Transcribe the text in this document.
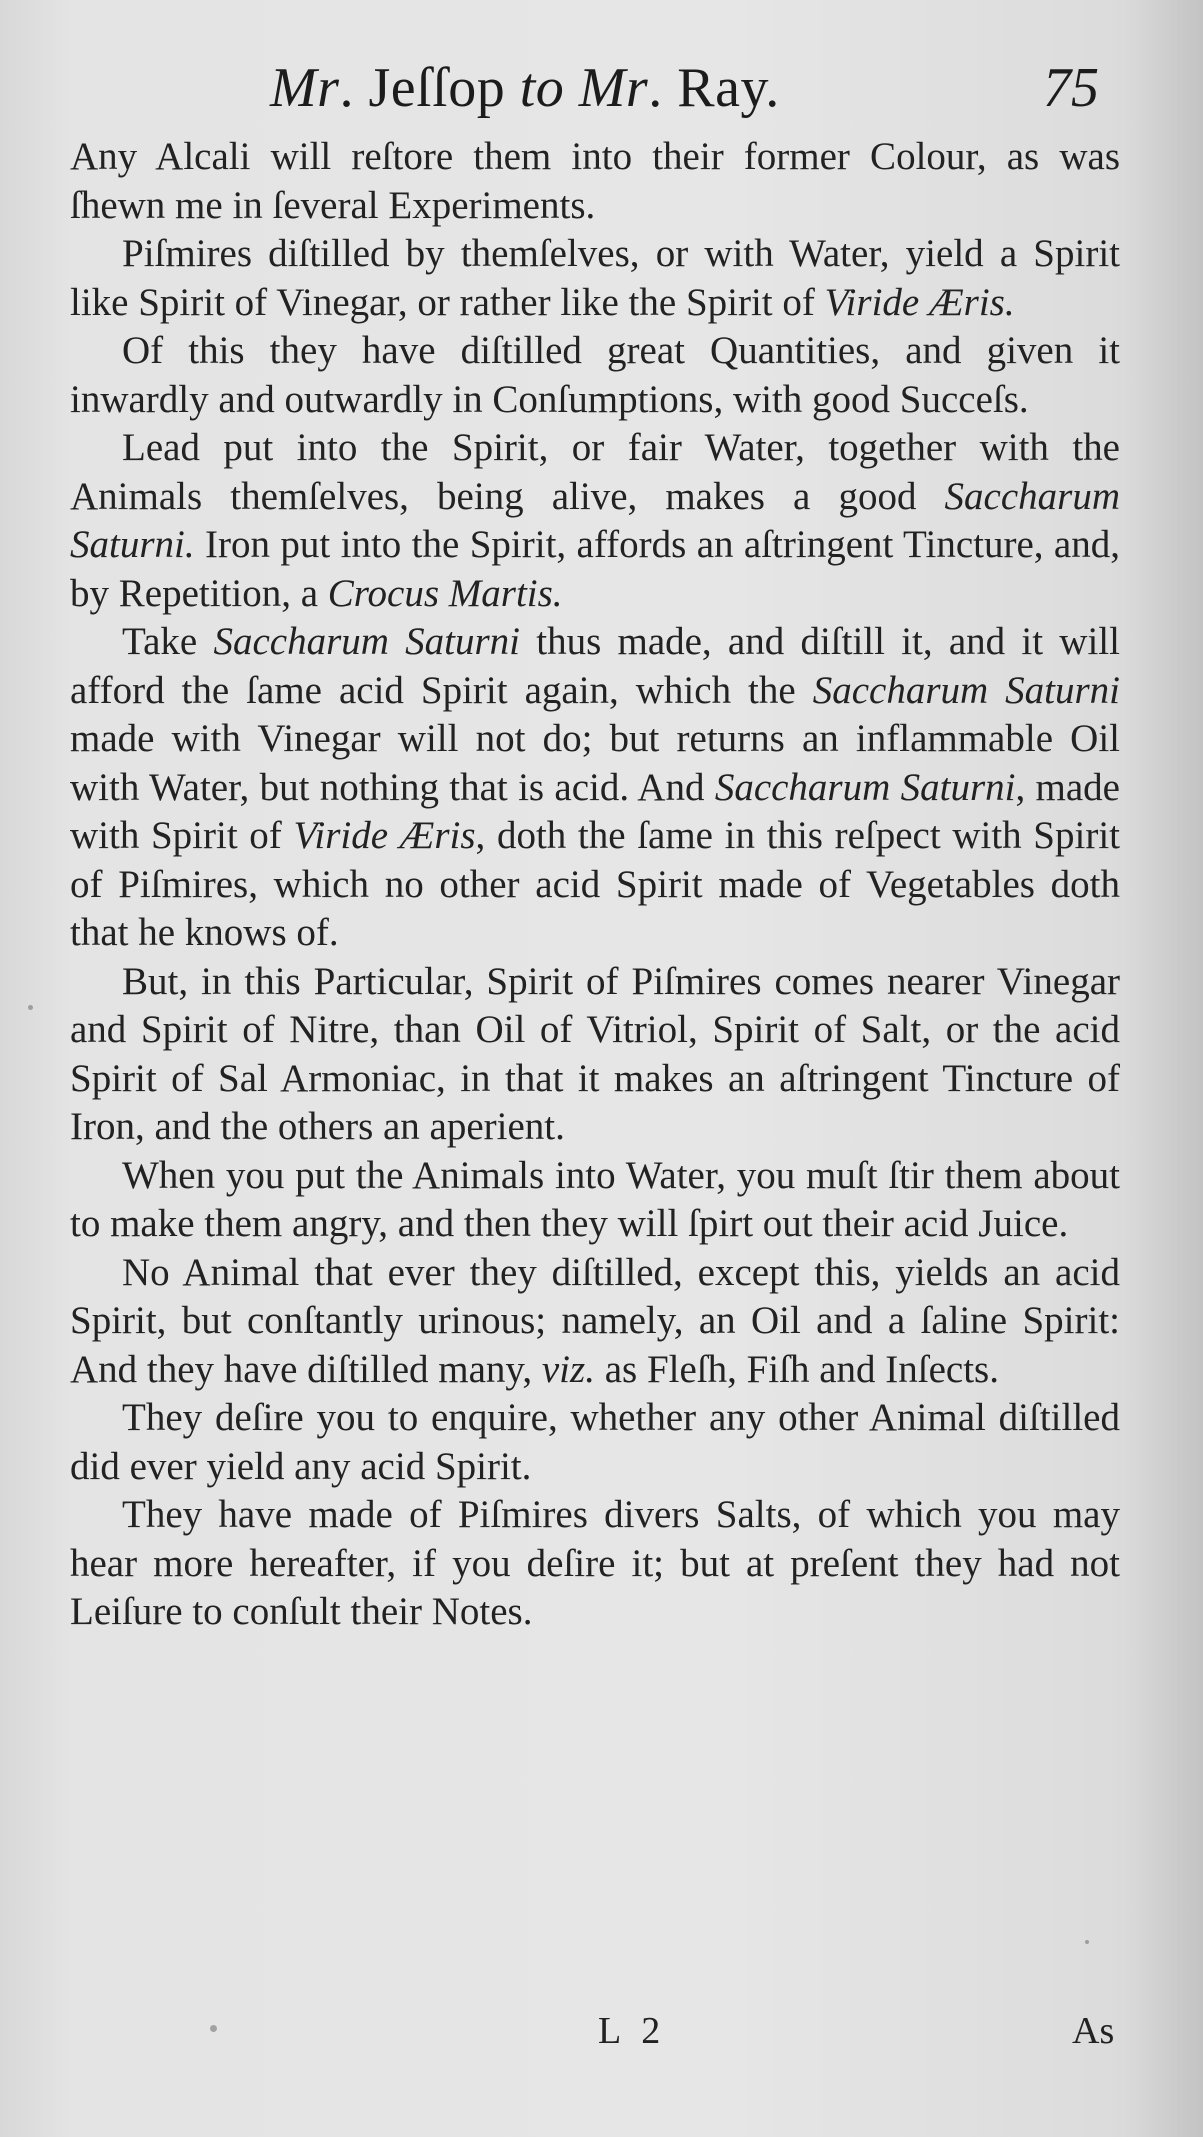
Mr. Jeſſop to Mr. Ray.	75

Any Alcali will reſtore them into their former Colour, as was ſhewn me in ſeveral Experiments.

Piſmires diſtilled by themſelves, or with Water, yield a Spirit like Spirit of Vinegar, or rather like the Spirit of Viride Æris.

Of this they have diſtilled great Quantities, and given it inwardly and outwardly in Conſumptions, with good Succeſs.

Lead put into the Spirit, or fair Water, together with the Animals themſelves, being alive, makes a good Saccharum Saturni. Iron put into the Spirit, affords an aſtringent Tincture, and, by Repetition, a Crocus Martis.

Take Saccharum Saturni thus made, and diſtill it, and it will afford the ſame acid Spirit again, which the Saccharum Saturni made with Vinegar will not do; but returns an inflammable Oil with Water, but nothing that is acid. And Saccharum Saturni, made with Spirit of Viride Æris, doth the ſame in this reſpect with Spirit of Piſmires, which no other acid Spirit made of Vegetables doth that he knows of.

But, in this Particular, Spirit of Piſmires comes nearer Vinegar and Spirit of Nitre, than Oil of Vitriol, Spirit of Salt, or the acid Spirit of Sal Armoniac, in that it makes an aſtringent Tincture of Iron, and the others an aperient.

When you put the Animals into Water, you muſt ſtir them about to make them angry, and then they will ſpirt out their acid Juice.

No Animal that ever they diſtilled, except this, yields an acid Spirit, but conſtantly urinous; namely, an Oil and a ſaline Spirit: And they have diſtilled many, viz. as Fleſh, Fiſh and Inſects.

They deſire you to enquire, whether any other Animal diſtilled did ever yield any acid Spirit.

They have made of Piſmires divers Salts, of which you may hear more hereafter, if you deſire it; but at preſent they had not Leiſure to conſult their Notes.

L 2	As
